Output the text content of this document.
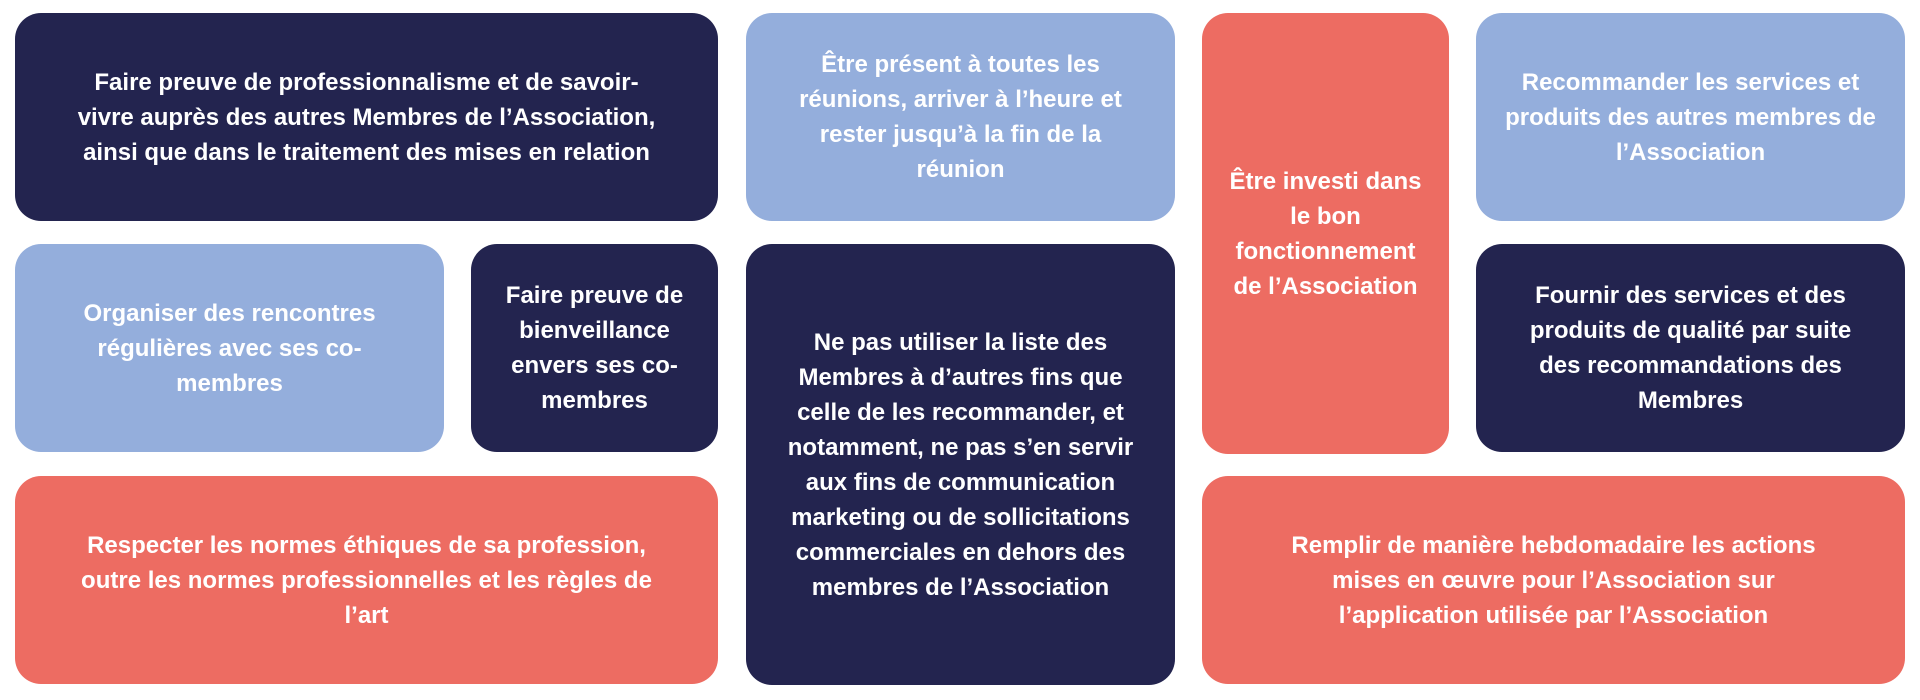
Faire preuve de professionnalisme et de savoir-vivre auprès des autres Membres de l’Association, ainsi que dans le traitement des mises en relation
Être présent à toutes les réunions, arriver à l’heure et rester jusqu’à la fin de la réunion	Être investi dans le bon fonctionnement de l’Association
Recommander les services et produits des autres membres de l’Association
Organiser des rencontres régulières avec ses co-membres
Faire preuve de bienveillance envers ses co-membres
Ne pas utiliser la liste des Membres à d’autres fins que celle de les recommander, et notamment, ne pas s’en servir aux fins de communication marketing ou de sollicitations commerciales en dehors des membres de l’Association
Fournir des services et des produits de qualité par suite des recommandations des Membres
Respecter les normes éthiques de sa profession, outre les normes professionnelles et les règles de l’art
Remplir de manière hebdomadaire les actions mises en œuvre pour l’Association sur l’application utilisée par l’Association
